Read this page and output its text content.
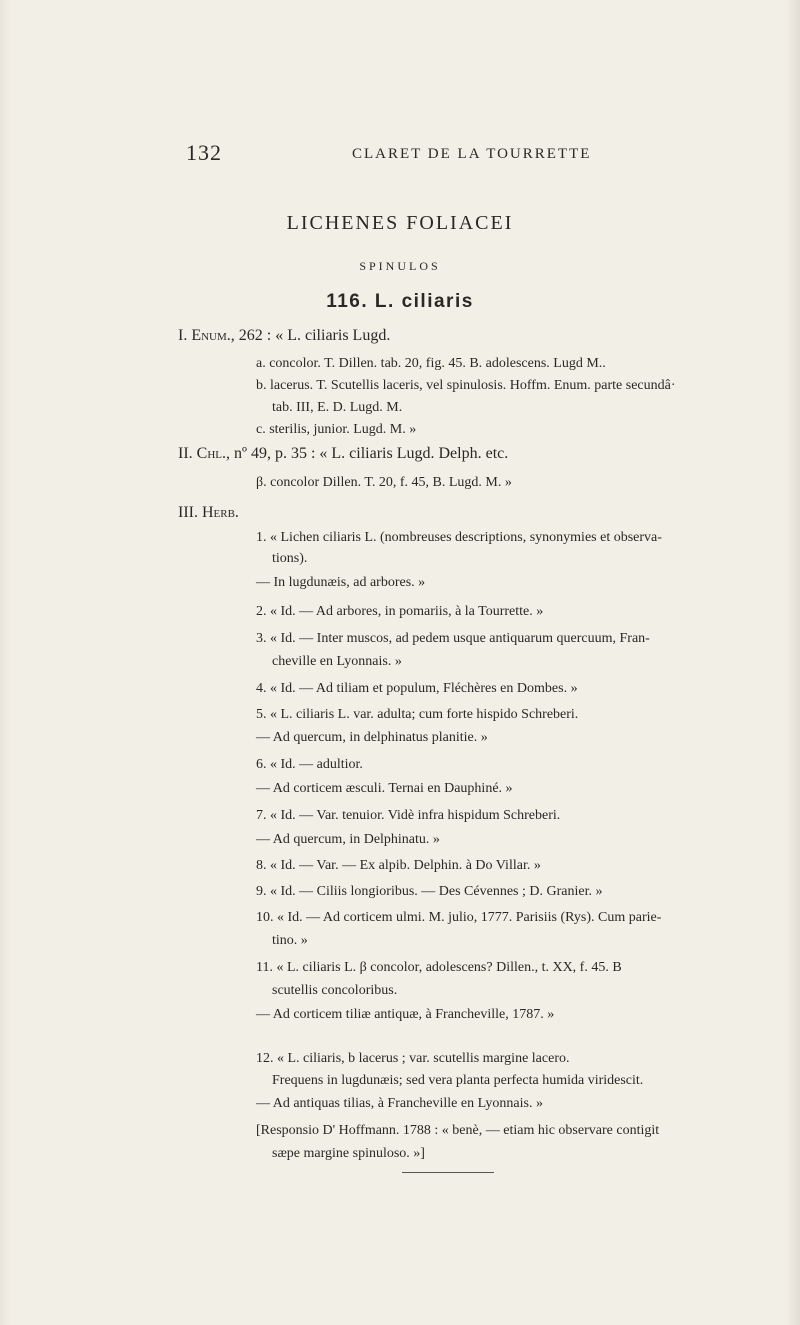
132	CLARET DE LA TOURRETTE
LICHENES FOLIACEI
SPINULOS
116. L. ciliaris
I. Enum., 262 : « L. ciliaris Lugd.
a. concolor. T. Dillen. tab. 20, fig. 45. B. adolescens. Lugd M..
b. lacerus. T. Scutellis laceris, vel spinulosis. Hoffm. Enum. parte secundâ·
tab. III, E. D. Lugd. M.
c. sterilis, junior. Lugd. M. »
II. Chl., nº 49, p. 35 : « L. ciliaris Lugd. Delph. etc.
β. concolor Dillen. T. 20, f. 45, B. Lugd. M. »
III. Herb.
1. « Lichen ciliaris L. (nombreuses descriptions, synonymies et observa-
tions).
— In lugdunæis, ad arbores. »
2. « Id. — Ad arbores, in pomariis, à la Tourrette. »
3. « Id. — Inter muscos, ad pedem usque antiquarum quercuum, Fran-
cheville en Lyonnais. »
4. « Id. — Ad tiliam et populum, Fléchères en Dombes. »
5. « L. ciliaris L. var. adulta; cum forte hispido Schreberi.
— Ad quercum, in delphinatus planitie. »
6. « Id. — adultior.
— Ad corticem æsculi. Ternai en Dauphiné. »
7. « Id. — Var. tenuior. Vidè infra hispidum Schreberi.
— Ad quercum, in Delphinatu. »
8. « Id. — Var. — Ex alpib. Delphin. à Do Villar. »
9. « Id. — Ciliis longioribus. — Des Cévennes ; D. Granier. »
10. « Id. — Ad corticem ulmi. M. julio, 1777. Parisiis (Rys). Cum parie-
tino. »
11. « L. ciliaris L. β concolor, adolescens? Dillen., t. XX, f. 45. B
scutellis concoloribus.
— Ad corticem tiliæ antiquæ, à Francheville, 1787. »
12. « L. ciliaris, b lacerus ; var. scutellis margine lacero.
Frequens in lugdunæis; sed vera planta perfecta humida viridescit.
— Ad antiquas tilias, à Francheville en Lyonnais. »
[Responsio D' Hoffmann. 1788 : « benè, — etiam hic observare contigit
sæpe margine spinuloso. »]
